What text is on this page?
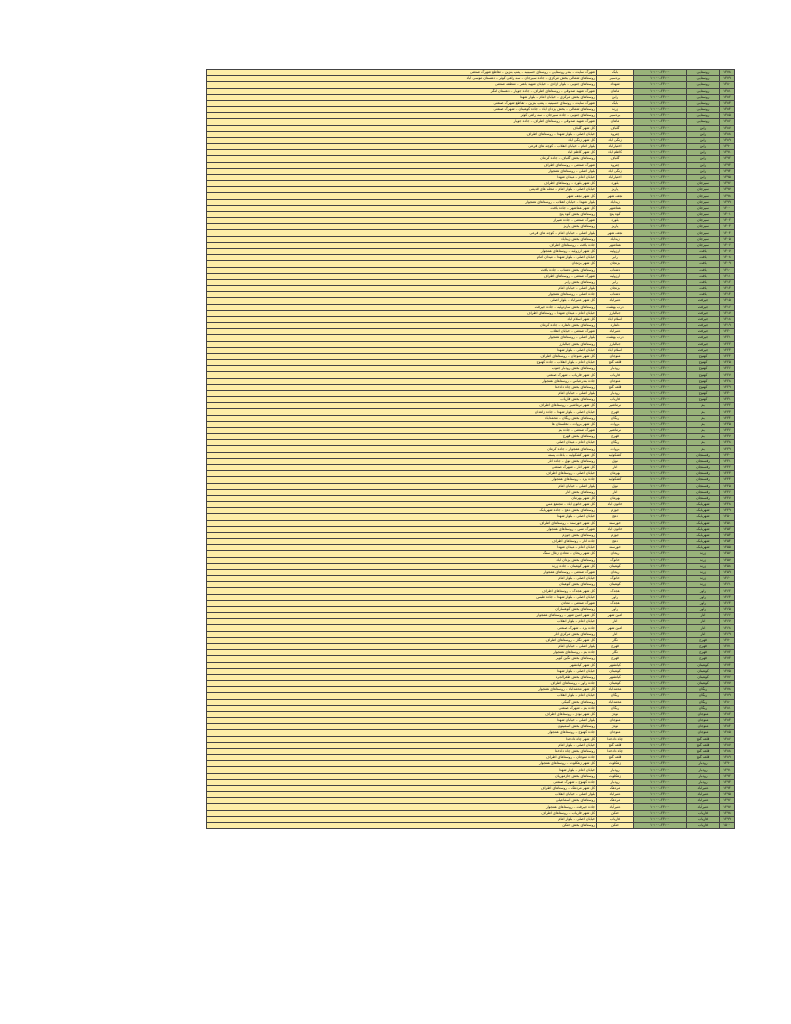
۱۳۷۸	روستایی	۱۰:۰۰–۲۳:۰۰	بابک	شهرک سایت – بندر روستایی – روستای حسینیه – پمپ بنزین – تقاطع شهرک صنعتی
۱۳۷۹	روستایی	۱۰:۰۰–۲۳:۰۰	بردسیر	روستاهای شمالی بخش مرکزی – جاده سیرجان – سه راهی کوثر – دهستان موسی آباد
۱۳۸۰	روستایی	۱۰:۰۰–۲۳:۰۰	شهداد	روستاهای جنوبی – بلوار آزادی – خیابان شهید باهنر – منطقه صنعتی
۱۳۸۱	روستایی	۱۰:۰۰–۲۳:۰۰	ماهان	شهرک شهید صدوقی – روستاهای اطراف – جاده جوپار – دهستان لنگر
۱۳۸۲	روستایی	۱۰:۰۰–۲۳:۰۰	راین	روستاهای بخش مرکزی – خیابان امام – بلوار شهدا
۱۳۸۳	روستایی	۱۰:۰۰–۲۳:۰۰	بابک	شهرک سایت – روستای حسینیه – پمپ بنزین – تقاطع شهرک صنعتی
۱۳۸۴	روستایی	۱۰:۰۰–۲۳:۰۰	زرند	روستاهای شمالی – بخش یزدان آباد – جاده کوهبنان – شهرک صنعتی
۱۳۸۵	روستایی	۱۰:۰۰–۲۳:۰۰	بردسیر	روستاهای جنوبی – جاده سیرجان – سه راهی کوثر
۱۳۸۶	روستایی	۱۰:۰۰–۲۳:۰۰	ماهان	شهرک شهید صدوقی – روستاهای اطراف – جاده جوپار
۱۳۸۷	راین	۱۰:۰۰–۲۳:۰۰	گلباف	کل شهر گلباف
۱۳۸۸	راین	۱۰:۰۰–۲۳:۰۰	چترود	خیابان اصلی – بلوار شهدا – روستاهای اطراف
۱۳۸۹	راین	۱۰:۰۰–۲۳:۰۰	زنگی آباد	کل شهر زنگی آباد
۱۳۹۰	راین	۱۰:۰۰–۲۳:۰۰	اختیارآباد	بلوار امام – خیابان انقلاب – کوچه های فرعی
۱۳۹۱	راین	۱۰:۰۰–۲۳:۰۰	کاظم آباد	کل شهر کاظم آباد
۱۳۹۲	راین	۱۰:۰۰–۲۳:۰۰	گلباف	روستاهای بخش گلباف – جاده کرمان
۱۳۹۳	راین	۱۰:۰۰–۲۳:۰۰	چترود	شهرک صنعتی – روستاهای اطراف
۱۳۹۴	راین	۱۰:۰۰–۲۳:۰۰	زنگی آباد	بلوار اصلی – روستاهای همجوار
۱۳۹۵	راین	۱۰:۰۰–۲۳:۰۰	اختیارآباد	خیابان امام – میدان شهدا
۱۳۹۶	سیرجان	۱۰:۰۰–۲۳:۰۰	بلورد	کل شهر بلورد – روستاهای اطراف
۱۳۹۷	سیرجان	۱۰:۰۰–۲۳:۰۰	پاریز	خیابان اصلی – بلوار امام – محله های قدیمی
۱۳۹۸	سیرجان	۱۰:۰۰–۲۳:۰۰	نجف شهر	کل شهر نجف شهر
۱۳۹۹	سیرجان	۱۰:۰۰–۲۳:۰۰	زیدآباد	بلوار شهدا – خیابان انقلاب – روستاهای همجوار
۱۴۰۰	سیرجان	۱۰:۰۰–۲۳:۰۰	هماشهر	کل شهر هماشهر – جاده بافت
۱۴۰۱	سیرجان	۱۰:۰۰–۲۳:۰۰	کوه پنج	روستاهای بخش کوه پنج
۱۴۰۲	سیرجان	۱۰:۰۰–۲۳:۰۰	بلورد	شهرک صنعتی – جاده شیراز
۱۴۰۳	سیرجان	۱۰:۰۰–۲۳:۰۰	پاریز	روستاهای بخش پاریز
۱۴۰۴	سیرجان	۱۰:۰۰–۲۳:۰۰	نجف شهر	بلوار اصلی – خیابان امام – کوچه های فرعی
۱۴۰۵	سیرجان	۱۰:۰۰–۲۳:۰۰	زیدآباد	روستاهای بخش زیدآباد
۱۴۰۶	سیرجان	۱۰:۰۰–۲۳:۰۰	هماشهر	جاده بافت – روستاهای اطراف
۱۴۰۷	بافت	۱۰:۰۰–۲۳:۰۰	ارزوئیه	کل شهر ارزوئیه – روستاهای همجوار
۱۴۰۸	بافت	۱۰:۰۰–۲۳:۰۰	رابر	خیابان اصلی – بلوار شهدا – میدان امام
۱۴۰۹	بافت	۱۰:۰۰–۲۳:۰۰	بزنجان	کل شهر بزنجان
۱۴۱۰	بافت	۱۰:۰۰–۲۳:۰۰	دشتاب	روستاهای بخش دشتاب – جاده بافت
۱۴۱۱	بافت	۱۰:۰۰–۲۳:۰۰	ارزوئیه	شهرک صنعتی – روستاهای اطراف
۱۴۱۲	بافت	۱۰:۰۰–۲۳:۰۰	رابر	روستاهای بخش رابر
۱۴۱۳	بافت	۱۰:۰۰–۲۳:۰۰	بزنجان	بلوار اصلی – خیابان امام
۱۴۱۴	بافت	۱۰:۰۰–۲۳:۰۰	دشتاب	جاده اصلی – روستاهای همجوار
۱۴۱۵	جیرفت	۱۰:۰۰–۲۳:۰۰	عنبرآباد	کل شهر عنبرآباد – بلوار اصلی
۱۴۱۶	جیرفت	۱۰:۰۰–۲۳:۰۰	درب بهشت	روستاهای بخش ساردوئیه – جاده جیرفت
۱۴۱۷	جیرفت	۱۰:۰۰–۲۳:۰۰	جبالبارز	خیابان امام – میدان شهدا – روستاهای اطراف
۱۴۱۸	جیرفت	۱۰:۰۰–۲۳:۰۰	اسلام آباد	کل شهر اسلام آباد
۱۴۱۹	جیرفت	۱۰:۰۰–۲۳:۰۰	دلفارد	روستاهای بخش دلفارد – جاده کرمان
۱۴۲۰	جیرفت	۱۰:۰۰–۲۳:۰۰	عنبرآباد	شهرک صنعتی – خیابان انقلاب
۱۴۲۱	جیرفت	۱۰:۰۰–۲۳:۰۰	درب بهشت	بلوار اصلی – روستاهای همجوار
۱۴۲۲	جیرفت	۱۰:۰۰–۲۳:۰۰	جبالبارز	روستاهای بخش جبالبارز
۱۴۲۳	جیرفت	۱۰:۰۰–۲۳:۰۰	اسلام آباد	خیابان اصلی – بلوار شهدا
۱۴۲۴	کهنوج	۱۰:۰۰–۲۳:۰۰	منوجان	کل شهر منوجان – روستاهای اطراف
۱۴۲۵	کهنوج	۱۰:۰۰–۲۳:۰۰	قلعه گنج	خیابان امام – بلوار انقلاب – جاده کهنوج
۱۴۲۶	کهنوج	۱۰:۰۰–۲۳:۰۰	رودبار	روستاهای بخش رودبار جنوب
۱۴۲۷	کهنوج	۱۰:۰۰–۲۳:۰۰	فاریاب	کل شهر فاریاب – شهرک صنعتی
۱۴۲۸	کهنوج	۱۰:۰۰–۲۳:۰۰	منوجان	جاده بندرعباس – روستاهای همجوار
۱۴۲۹	کهنوج	۱۰:۰۰–۲۳:۰۰	قلعه گنج	روستاهای بخش چاه دادخدا
۱۴۳۰	کهنوج	۱۰:۰۰–۲۳:۰۰	رودبار	بلوار اصلی – خیابان امام
۱۴۳۱	کهنوج	۱۰:۰۰–۲۳:۰۰	فاریاب	روستاهای بخش فاریاب
۱۴۳۲	بم	۱۰:۰۰–۲۳:۰۰	نرماشیر	کل شهر نرماشیر – روستاهای اطراف
۱۴۳۳	بم	۱۰:۰۰–۲۳:۰۰	فهرج	خیابان اصلی – بلوار شهدا – جاده زاهدان
۱۴۳۴	بم	۱۰:۰۰–۲۳:۰۰	ریگان	روستاهای بخش ریگان – محمدآباد
۱۴۳۵	بم	۱۰:۰۰–۲۳:۰۰	بروات	کل شهر بروات – نخلستان ها
۱۴۳۶	بم	۱۰:۰۰–۲۳:۰۰	نرماشیر	شهرک صنعتی – جاده بم
۱۴۳۷	بم	۱۰:۰۰–۲۳:۰۰	فهرج	روستاهای بخش فهرج
۱۴۳۸	بم	۱۰:۰۰–۲۳:۰۰	ریگان	خیابان امام – میدان اصلی
۱۴۳۹	بم	۱۰:۰۰–۲۳:۰۰	بروات	روستاهای همجوار – جاده کرمان
۱۴۴۰	رفسنجان	۱۰:۰۰–۲۳:۰۰	کشکوئیه	کل شهر کشکوئیه – باغات پسته
۱۴۴۱	رفسنجان	۱۰:۰۰–۲۳:۰۰	نوق	روستاهای بخش نوق – جاده انار
۱۴۴۲	رفسنجان	۱۰:۰۰–۲۳:۰۰	انار	کل شهر انار – شهرک صنعتی
۱۴۴۳	رفسنجان	۱۰:۰۰–۲۳:۰۰	بهرمان	خیابان اصلی – روستاهای اطراف
۱۴۴۴	رفسنجان	۱۰:۰۰–۲۳:۰۰	کشکوئیه	جاده یزد – روستاهای همجوار
۱۴۴۵	رفسنجان	۱۰:۰۰–۲۳:۰۰	نوق	بلوار اصلی – خیابان امام
۱۴۴۶	رفسنجان	۱۰:۰۰–۲۳:۰۰	انار	روستاهای بخش انار
۱۴۴۷	رفسنجان	۱۰:۰۰–۲۳:۰۰	بهرمان	کل شهر بهرمان
۱۴۴۸	شهربابک	۱۰:۰۰–۲۳:۰۰	خاتون آباد	کل شهر خاتون آباد – مجتمع مس
۱۴۴۹	شهربابک	۱۰:۰۰–۲۳:۰۰	جوزم	روستاهای بخش دهج – جاده شهربابک
۱۴۵۰	شهربابک	۱۰:۰۰–۲۳:۰۰	دهج	خیابان اصلی – بلوار شهدا
۱۴۵۱	شهربابک	۱۰:۰۰–۲۳:۰۰	خورسند	کل شهر خورسند – روستاهای اطراف
۱۴۵۲	شهربابک	۱۰:۰۰–۲۳:۰۰	خاتون آباد	شهرک مس – روستاهای همجوار
۱۴۵۳	شهربابک	۱۰:۰۰–۲۳:۰۰	جوزم	روستاهای بخش جوزم
۱۴۵۴	شهربابک	۱۰:۰۰–۲۳:۰۰	دهج	جاده انار – روستاهای اطراف
۱۴۵۵	شهربابک	۱۰:۰۰–۲۳:۰۰	خورسند	خیابان امام – میدان شهدا
۱۴۵۶	زرند	۱۰:۰۰–۲۳:۰۰	ریحان	کل شهر ریحان – معادن زغال سنگ
۱۴۵۷	زرند	۱۰:۰۰–۲۳:۰۰	خانوک	روستاهای بخش یزدان آباد
۱۴۵۸	زرند	۱۰:۰۰–۲۳:۰۰	کوهبنان	کل شهر کوهبنان – جاده زرند
۱۴۵۹	زرند	۱۰:۰۰–۲۳:۰۰	ریحان	شهرک صنعتی – روستاهای همجوار
۱۴۶۰	زرند	۱۰:۰۰–۲۳:۰۰	خانوک	خیابان اصلی – بلوار امام
۱۴۶۱	زرند	۱۰:۰۰–۲۳:۰۰	کوهبنان	روستاهای بخش کوهبنان
۱۴۶۲	راور	۱۰:۰۰–۲۳:۰۰	هجدک	کل شهر هجدک – روستاهای اطراف
۱۴۶۳	راور	۱۰:۰۰–۲۳:۰۰	راور	خیابان اصلی – بلوار شهدا – جاده طبس
۱۴۶۴	راور	۱۰:۰۰–۲۳:۰۰	هجدک	شهرک صنعتی – معادن
۱۴۶۵	راور	۱۰:۰۰–۲۳:۰۰	راور	روستاهای بخش کوهساران
۱۴۶۶	انار	۱۰:۰۰–۲۳:۰۰	امین شهر	کل شهر امین شهر – روستاهای همجوار
۱۴۶۷	انار	۱۰:۰۰–۲۳:۰۰	انار	خیابان امام – بلوار انقلاب
۱۴۶۸	انار	۱۰:۰۰–۲۳:۰۰	امین شهر	جاده یزد – شهرک صنعتی
۱۴۶۹	انار	۱۰:۰۰–۲۳:۰۰	انار	روستاهای بخش مرکزی انار
۱۴۷۰	فهرج	۱۰:۰۰–۲۳:۰۰	نگار	کل شهر نگار – روستاهای اطراف
۱۴۷۱	فهرج	۱۰:۰۰–۲۳:۰۰	فهرج	بلوار اصلی – خیابان امام
۱۴۷۲	فهرج	۱۰:۰۰–۲۳:۰۰	نگار	جاده بم – روستاهای همجوار
۱۴۷۳	فهرج	۱۰:۰۰–۲۳:۰۰	فهرج	روستاهای بخش نگین کویر
۱۴۷۴	کوهبنان	۱۰:۰۰–۲۳:۰۰	کیانشهر	کل شهر کیانشهر
۱۴۷۵	کوهبنان	۱۰:۰۰–۲۳:۰۰	کوهبنان	خیابان اصلی – بلوار شهدا
۱۴۷۶	کوهبنان	۱۰:۰۰–۲۳:۰۰	کیانشهر	روستاهای بخش طغرالجرد
۱۴۷۷	کوهبنان	۱۰:۰۰–۲۳:۰۰	کوهبنان	جاده راور – روستاهای اطراف
۱۴۷۸	ریگان	۱۰:۰۰–۲۳:۰۰	محمدآباد	کل شهر محمدآباد – روستاهای همجوار
۱۴۷۹	ریگان	۱۰:۰۰–۲۳:۰۰	ریگان	خیابان امام – بلوار انقلاب
۱۴۸۰	ریگان	۱۰:۰۰–۲۳:۰۰	محمدآباد	روستاهای بخش گنبکی
۱۴۸۱	ریگان	۱۰:۰۰–۲۳:۰۰	ریگان	جاده بم – شهرک صنعتی
۱۴۸۲	منوجان	۱۰:۰۰–۲۳:۰۰	نودژ	کل شهر نودژ – روستاهای اطراف
۱۴۸۳	منوجان	۱۰:۰۰–۲۳:۰۰	منوجان	بلوار اصلی – خیابان شهدا
۱۴۸۴	منوجان	۱۰:۰۰–۲۳:۰۰	نودژ	روستاهای بخش آسمینون
۱۴۸۵	منوجان	۱۰:۰۰–۲۳:۰۰	منوجان	جاده کهنوج – روستاهای همجوار
۱۴۸۶	قلعه گنج	۱۰:۰۰–۲۳:۰۰	چاه دادخدا	کل شهر چاه دادخدا
۱۴۸۷	قلعه گنج	۱۰:۰۰–۲۳:۰۰	قلعه گنج	خیابان اصلی – بلوار امام
۱۴۸۸	قلعه گنج	۱۰:۰۰–۲۳:۰۰	چاه دادخدا	روستاهای بخش چاه دادخدا
۱۴۸۹	قلعه گنج	۱۰:۰۰–۲۳:۰۰	قلعه گنج	جاده منوجان – روستاهای اطراف
۱۴۹۰	رودبار	۱۰:۰۰–۲۳:۰۰	زهکلوت	کل شهر زهکلوت – روستاهای همجوار
۱۴۹۱	رودبار	۱۰:۰۰–۲۳:۰۰	رودبار	خیابان امام – بلوار شهدا
۱۴۹۲	رودبار	۱۰:۰۰–۲۳:۰۰	زهکلوت	روستاهای بخش جازموریان
۱۴۹۳	رودبار	۱۰:۰۰–۲۳:۰۰	رودبار	جاده کهنوج – شهرک صنعتی
۱۴۹۴	عنبرآباد	۱۰:۰۰–۲۳:۰۰	مردهک	کل شهر مردهک – روستاهای اطراف
۱۴۹۵	عنبرآباد	۱۰:۰۰–۲۳:۰۰	عنبرآباد	بلوار اصلی – خیابان انقلاب
۱۴۹۶	عنبرآباد	۱۰:۰۰–۲۳:۰۰	مردهک	روستاهای بخش اسماعیلی
۱۴۹۷	عنبرآباد	۱۰:۰۰–۲۳:۰۰	عنبرآباد	جاده جیرفت – روستاهای همجوار
۱۴۹۸	فاریاب	۱۰:۰۰–۲۳:۰۰	حتکن	کل شهر فاریاب – روستاهای اطراف
۱۴۹۹	فاریاب	۱۰:۰۰–۲۳:۰۰	فاریاب	خیابان اصلی – بلوار امام
۱۵۰۰	فاریاب	۱۰:۰۰–۲۳:۰۰	حتکن	روستاهای بخش حتکن
